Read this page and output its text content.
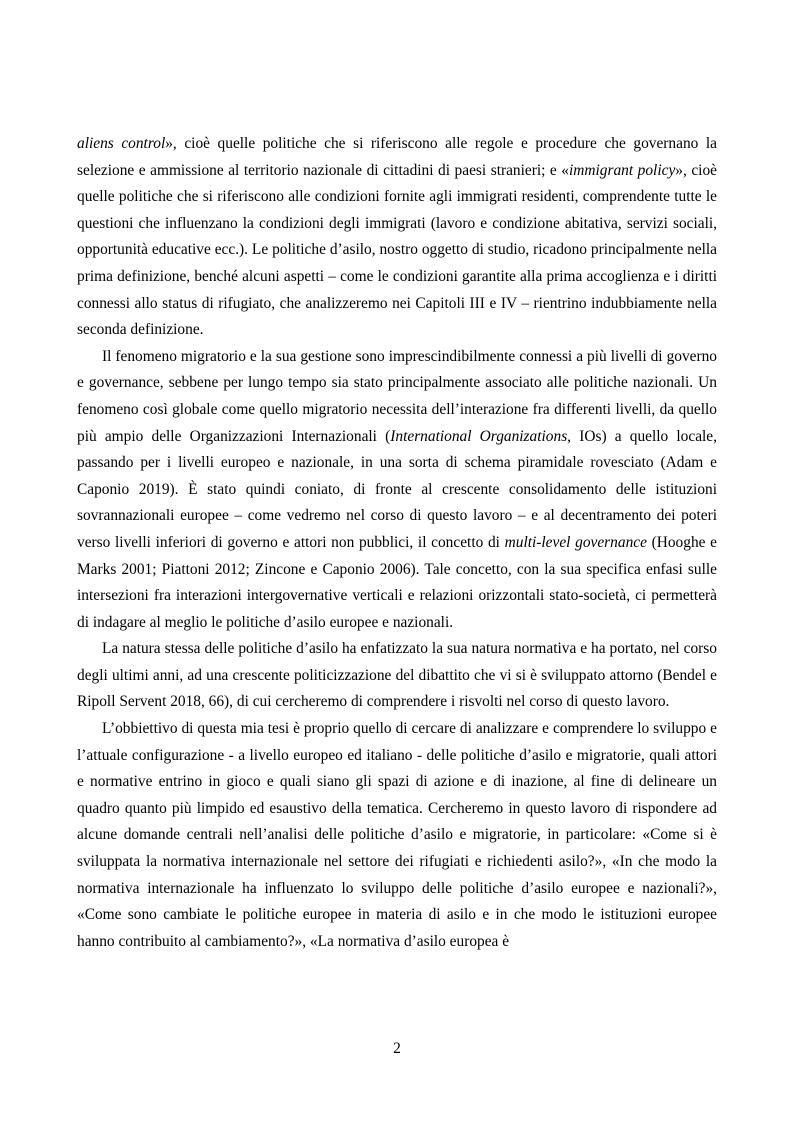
aliens control», cioè quelle politiche che si riferiscono alle regole e procedure che governano la selezione e ammissione al territorio nazionale di cittadini di paesi stranieri; e «immigrant policy», cioè quelle politiche che si riferiscono alle condizioni fornite agli immigrati residenti, comprendente tutte le questioni che influenzano la condizioni degli immigrati (lavoro e condizione abitativa, servizi sociali, opportunità educative ecc.). Le politiche d’asilo, nostro oggetto di studio, ricadono principalmente nella prima definizione, benché alcuni aspetti – come le condizioni garantite alla prima accoglienza e i diritti connessi allo status di rifugiato, che analizzeremo nei Capitoli III e IV – rientrino indubbiamente nella seconda definizione.

Il fenomeno migratorio e la sua gestione sono imprescindibilmente connessi a più livelli di governo e governance, sebbene per lungo tempo sia stato principalmente associato alle politiche nazionali. Un fenomeno così globale come quello migratorio necessita dell’interazione fra differenti livelli, da quello più ampio delle Organizzazioni Internazionali (International Organizations, IOs) a quello locale, passando per i livelli europeo e nazionale, in una sorta di schema piramidale rovesciato (Adam e Caponio 2019). È stato quindi coniato, di fronte al crescente consolidamento delle istituzioni sovrannazionali europee – come vedremo nel corso di questo lavoro – e al decentramento dei poteri verso livelli inferiori di governo e attori non pubblici, il concetto di multi-level governance (Hooghe e Marks 2001; Piattoni 2012; Zincone e Caponio 2006). Tale concetto, con la sua specifica enfasi sulle intersezioni fra interazioni intergovernative verticali e relazioni orizzontali stato-società, ci permetterà di indagare al meglio le politiche d’asilo europee e nazionali.

La natura stessa delle politiche d’asilo ha enfatizzato la sua natura normativa e ha portato, nel corso degli ultimi anni, ad una crescente politicizzazione del dibattito che vi si è sviluppato attorno (Bendel e Ripoll Servent 2018, 66), di cui cercheremo di comprendere i risvolti nel corso di questo lavoro.

L’obbiettivo di questa mia tesi è proprio quello di cercare di analizzare e comprendere lo sviluppo e l’attuale configurazione - a livello europeo ed italiano - delle politiche d’asilo e migratorie, quali attori e normative entrino in gioco e quali siano gli spazi di azione e di inazione, al fine di delineare un quadro quanto più limpido ed esaustivo della tematica. Cercheremo in questo lavoro di rispondere ad alcune domande centrali nell’analisi delle politiche d’asilo e migratorie, in particolare: «Come si è sviluppata la normativa internazionale nel settore dei rifugiati e richiedenti asilo?», «In che modo la normativa internazionale ha influenzato lo sviluppo delle politiche d’asilo europee e nazionali?», «Come sono cambiate le politiche europee in materia di asilo e in che modo le istituzioni europee hanno contribuito al cambiamento?», «La normativa d’asilo europea è

2
